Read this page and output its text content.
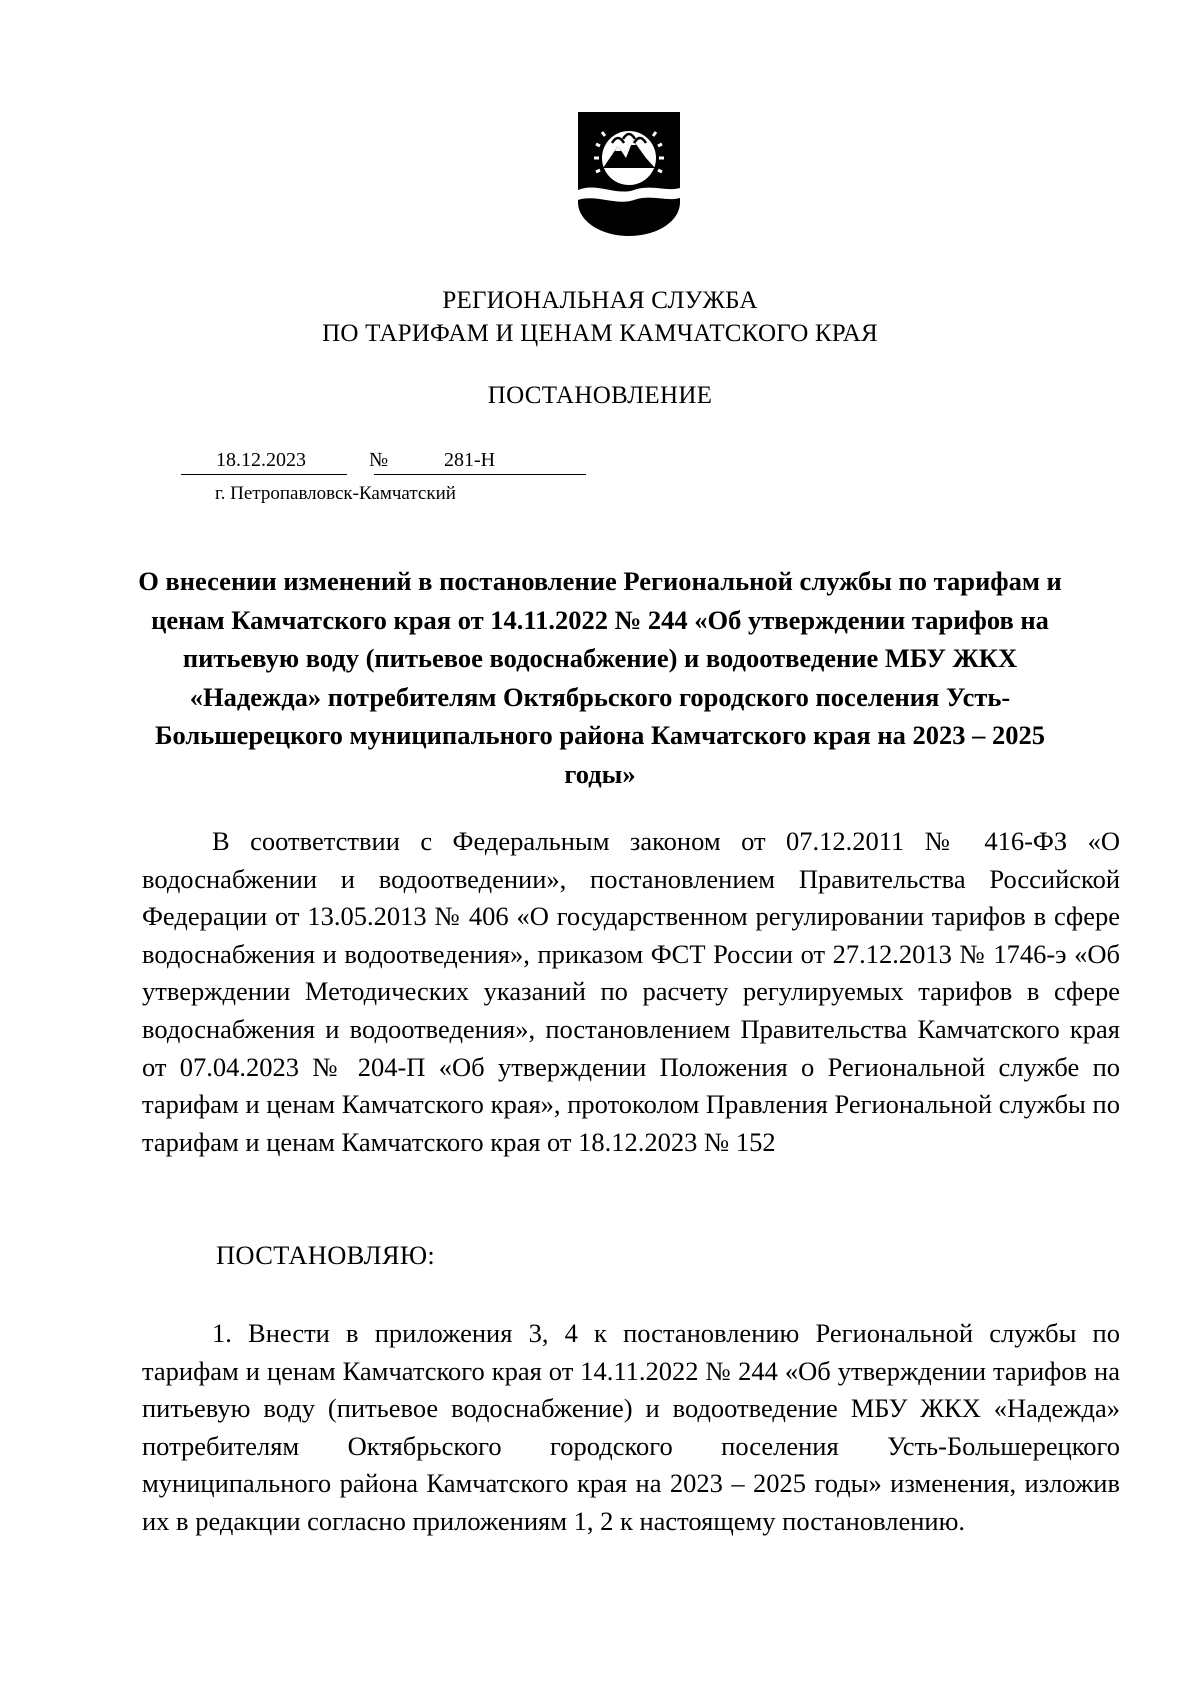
РЕГИОНАЛЬНАЯ СЛУЖБА
ПО ТАРИФАМ И ЦЕНАМ КАМЧАТСКОГО КРАЯ
ПОСТАНОВЛЕНИЕ
18.12.2023	№	281-Н
г. Петропавловск-Камчатский
О внесении изменений в постановление Региональной службы по тарифам и ценам Камчатского края от 14.11.2022 № 244 «Об утверждении тарифов на питьевую воду (питьевое водоснабжение) и водоотведение МБУ ЖКХ «Надежда» потребителям Октябрьского городского поселения Усть-Большерецкого муниципального района Камчатского края на 2023 – 2025 годы»
В соответствии с Федеральным законом от 07.12.2011 № 416-ФЗ «О водоснабжении и водоотведении», постановлением Правительства Российской Федерации от 13.05.2013 № 406 «О государственном регулировании тарифов в сфере водоснабжения и водоотведения», приказом ФСТ России от 27.12.2013 № 1746-э «Об утверждении Методических указаний по расчету регулируемых тарифов в сфере водоснабжения и водоотведения», постановлением Правительства Камчатского края от 07.04.2023 № 204-П «Об утверждении Положения о Региональной службе по тарифам и ценам Камчатского края», протоколом Правления Региональной службы по тарифам и ценам Камчатского края от 18.12.2023 № 152
ПОСТАНОВЛЯЮ:
1. Внести в приложения 3, 4 к постановлению Региональной службы по тарифам и ценам Камчатского края от 14.11.2022 № 244 «Об утверждении тарифов на питьевую воду (питьевое водоснабжение) и водоотведение МБУ ЖКХ «Надежда» потребителям Октябрьского городского поселения Усть-Большерецкого муниципального района Камчатского края на 2023 – 2025 годы» изменения, изложив их в редакции согласно приложениям 1, 2 к настоящему постановлению.
